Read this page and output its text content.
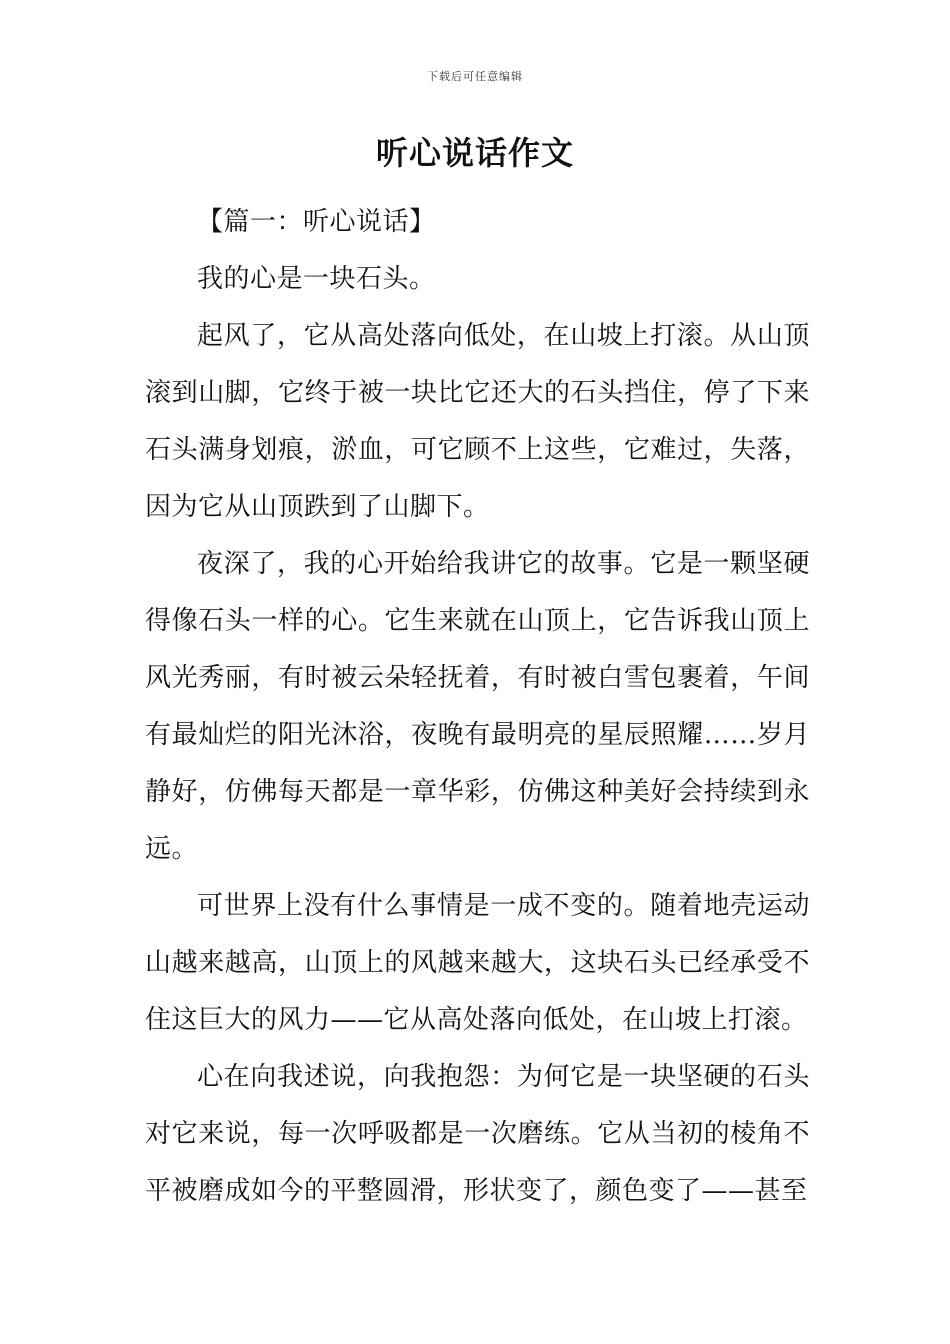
下载后可任意编辑
听心说话作文

【篇一：听心说话】

我的心是一块石头。

起风了，它从高处落向低处，在山坡上打滚。从山顶滚到山脚，它终于被一块比它还大的石头挡住，停了下来石头满身划痕，淤血，可它顾不上这些，它难过，失落，因为它从山顶跌到了山脚下。

夜深了，我的心开始给我讲它的故事。它是一颗坚硬得像石头一样的心。它生来就在山顶上，它告诉我山顶上风光秀丽，有时被云朵轻抚着，有时被白雪包裹着，午间有最灿烂的阳光沐浴，夜晚有最明亮的星辰照耀……岁月静好，仿佛每天都是一章华彩，仿佛这种美好会持续到永远。

可世界上没有什么事情是一成不变的。随着地壳运动山越来越高，山顶上的风越来越大，这块石头已经承受不住这巨大的风力——它从高处落向低处，在山坡上打滚。

心在向我述说，向我抱怨：为何它是一块坚硬的石头对它来说，每一次呼吸都是一次磨练。它从当初的棱角不平被磨成如今的平整圆滑，形状变了，颜色变了——甚至
